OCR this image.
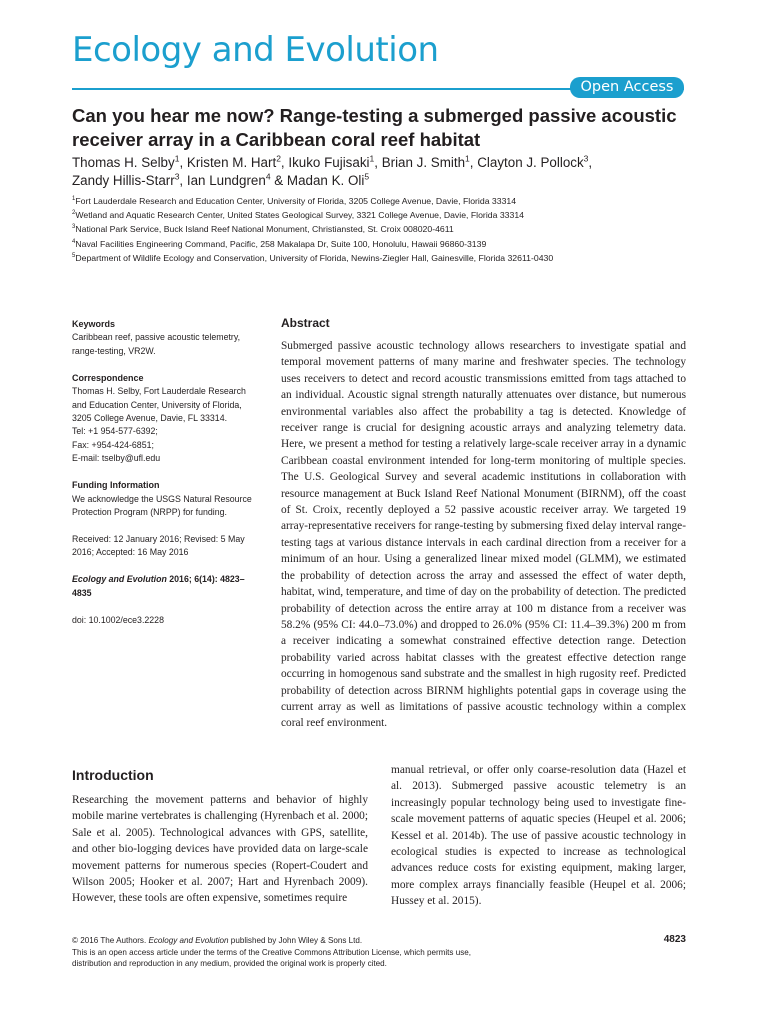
Ecology and Evolution
Open Access
Can you hear me now? Range-testing a submerged passive acoustic receiver array in a Caribbean coral reef habitat
Thomas H. Selby$^1$, Kristen M. Hart$^2$, Ikuko Fujisaki$^1$, Brian J. Smith$^1$, Clayton J. Pollock$^3$,
Zandy Hillis-Starr$^3$, Ian Lundgren$^4$ & Madan K. Oli$^5$
$^1$Fort Lauderdale Research and Education Center, University of Florida, 3205 College Avenue, Davie, Florida 33314
$^2$Wetland and Aquatic Research Center, United States Geological Survey, 3321 College Avenue, Davie, Florida 33314
$^3$National Park Service, Buck Island Reef National Monument, Christiansted, St. Croix 008020-4611
$^4$Naval Facilities Engineering Command, Pacific, 258 Makalapa Dr, Suite 100, Honolulu, Hawaii 96860-3139
$^5$Department of Wildlife Ecology and Conservation, University of Florida, Newins-Ziegler Hall, Gainesville, Florida 32611-0430
Keywords
Caribbean reef, passive acoustic telemetry,
range-testing, VR2W.
Correspondence
Thomas H. Selby, Fort Lauderdale Research
and Education Center, University of Florida,
3205 College Avenue, Davie, FL 33314.
Tel: +1 954-577-6392;
Fax: +954-424-6851;
E-mail: tselby@ufl.edu
Funding Information
We acknowledge the USGS Natural Resource
Protection Program (NRPP) for funding.
Received: 12 January 2016; Revised: 5 May
2016; Accepted: 16 May 2016
Ecology and Evolution 2016; 6(14): 4823–
4835
doi: 10.1002/ece3.2228
Abstract
Submerged passive acoustic technology allows researchers to investigate spatial and temporal movement patterns of many marine and freshwater species. The technology uses receivers to detect and record acoustic transmissions emitted from tags attached to an individual. Acoustic signal strength naturally attenuates over distance, but numerous environmental variables also affect the probability a tag is detected. Knowledge of receiver range is crucial for designing acoustic arrays and analyzing telemetry data. Here, we present a method for testing a relatively large-scale receiver array in a dynamic Caribbean coastal environment intended for long-term monitoring of multiple species. The U.S. Geological Survey and several academic institutions in collaboration with resource management at Buck Island Reef National Monument (BIRNM), off the coast of St. Croix, recently deployed a 52 passive acoustic receiver array. We targeted 19 array-representative receivers for range-testing by submersing fixed delay interval range-testing tags at various distance intervals in each cardinal direction from a receiver for a minimum of an hour. Using a generalized linear mixed model (GLMM), we estimated the probability of detection across the array and assessed the effect of water depth, habitat, wind, temperature, and time of day on the probability of detection. The predicted probability of detection across the entire array at 100 m distance from a receiver was 58.2% (95% CI: 44.0–73.0%) and dropped to 26.0% (95% CI: 11.4–39.3%) 200 m from a receiver indicating a somewhat constrained effective detection range. Detection probability varied across habitat classes with the greatest effective detection range occurring in homogenous sand substrate and the smallest in high rugosity reef. Predicted probability of detection across BIRNM highlights potential gaps in coverage using the current array as well as limitations of passive acoustic technology within a complex coral reef environment.
Introduction
Researching the movement patterns and behavior of highly mobile marine vertebrates is challenging (Hyrenbach et al. 2000; Sale et al. 2005). Technological advances with GPS, satellite, and other bio-logging devices have provided data on large-scale movement patterns for numerous species (Ropert-Coudert and Wilson 2005; Hooker et al. 2007; Hart and Hyrenbach 2009). However, these tools are often expensive, sometimes require
manual retrieval, or offer only coarse-resolution data (Hazel et al. 2013). Submerged passive acoustic telemetry is an increasingly popular technology being used to investigate fine-scale movement patterns of aquatic species (Heupel et al. 2006; Kessel et al. 2014b). The use of passive acoustic technology in ecological studies is expected to increase as technological advances reduce costs for existing equipment, making larger, more complex arrays financially feasible (Heupel et al. 2006; Hussey et al. 2015).
© 2016 The Authors. Ecology and Evolution published by John Wiley & Sons Ltd.
This is an open access article under the terms of the Creative Commons Attribution License, which permits use,
distribution and reproduction in any medium, provided the original work is properly cited.
4823
